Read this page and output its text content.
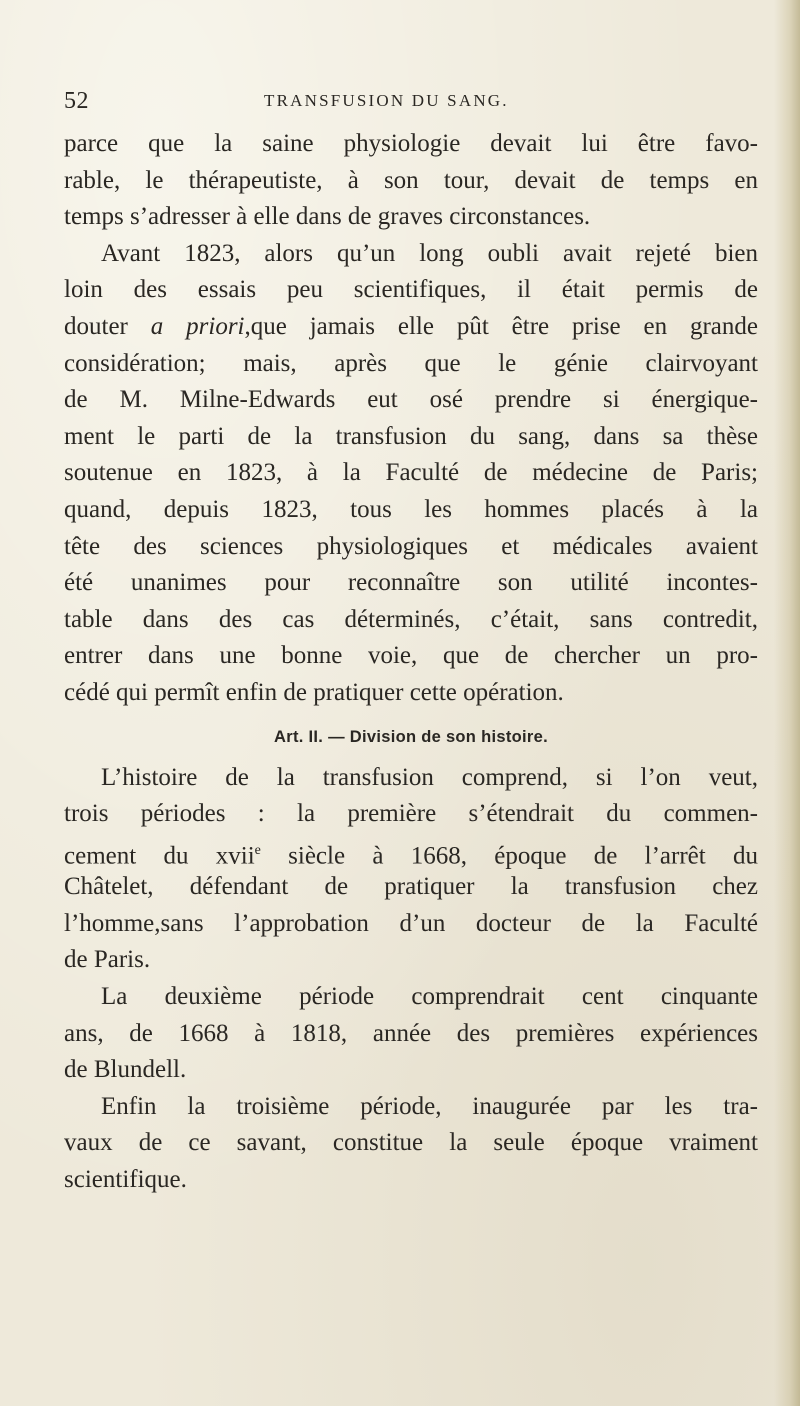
52	TRANSFUSION DU SANG.
parce que la saine physiologie devait lui être favo-
rable, le thérapeutiste, à son tour, devait de temps en
temps s’adresser à elle dans de graves circonstances.
Avant 1823, alors qu’un long oubli avait rejeté bien
loin des essais peu scientifiques, il était permis de
douter a priori,que jamais elle pût être prise en grande
considération; mais, après que le génie clairvoyant
de M. Milne-Edwards eut osé prendre si énergique-
ment le parti de la transfusion du sang, dans sa thèse
soutenue en 1823, à la Faculté de médecine de Paris;
quand, depuis 1823, tous les hommes placés à la
tête des sciences physiologiques et médicales avaient
été unanimes pour reconnaître son utilité incontes-
table dans des cas déterminés, c’était, sans contredit,
entrer dans une bonne voie, que de chercher un pro-
cédé qui permît enfin de pratiquer cette opération.
Art. II. — Division de son histoire.
L’histoire de la transfusion comprend, si l’on veut,
trois périodes : la première s’étendrait du commen-
cement du xvii$^e$ siècle à 1668, époque de l’arrêt du
Châtelet, défendant de pratiquer la transfusion chez
l’homme,sans l’approbation d’un docteur de la Faculté
de Paris.
La deuxième période comprendrait cent cinquante
ans, de 1668 à 1818, année des premières expériences
de Blundell.
Enfin la troisième période, inaugurée par les tra-
vaux de ce savant, constitue la seule époque vraiment
scientifique.
